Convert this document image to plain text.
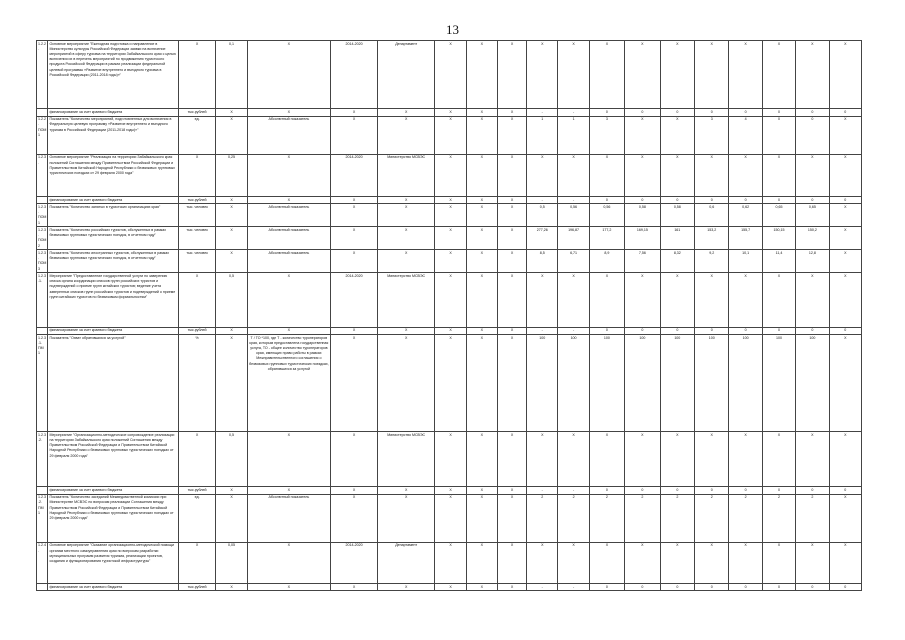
13
1.2.2.	Основное мероприятие "Ежегодная подготовка и направление в Министерство культуры Российской Федерации заявки на включение мероприятий в сферу туризма на территории Забайкальского края с целью включения их в перечень мероприятий по продвижению туристского продукта Российской Федерации в рамках реализации федеральной целевой программы «Развитие внутреннего и въездного туризма в Российской Федерации (2011-2018 годы)»"	X	0,1	X	2014-2020	Департамент	X	X	X	X	X	X	X	X	X	X	X	X	X
	финансирование за счет краевого бюджета	тыс.рублей	X	X	X	X	X	X	X	-	-	0	0	0	0	0	0	0	0
1.2.2. ПОМ 1	Показатель "Количество мероприятий, подготовленных для включения в Федеральную целевую программу «Развитие внутреннего и въездного туризма в Российской Федерации (2011-2018 годы)»"	ед.	X	Абсолютный показатель	X	X	X	X	X	1	1	3	X	X	3	4	0	0	X
1.2.3.	Основное мероприятие "Реализация на территории Забайкальского края положений Соглашения между Правительством Российской Федерации и Правительством Китайской Народной Республики о безвизовых групповых туристических поездках от 29 февраля 2000 года"	X	0,25	X	2014-2020	Министерство МСВЭС	X	X	X	X	X	X	X	X	X	X	X	X	X
	финансирование за счет краевого бюджета	тыс.рублей	X	X	X	X	X	X	X	-	-	0	0	0	0	0	0	0	0
1.2.3. ПОМ 1	Показатель "Количество занятых в туристских организациях края"	тыс. человек	X	Абсолютный показатель	X	X	X	X	X	0,5	0,56	0,56	0,58	0,58	0,6	0,62	0,65	0,65	X
1.2.3. ПОМ 2	Показатель "Количество российских туристов, обслуженных в рамках безвизовых групповых туристических поездок, в отчетном году"	тыс. человек	X	Абсолютный показатель	X	X	X	X	X	277,26	196,87	177,2	169,15	161	153,2	155,7	150,15	150,2	X
1.2.3. ПОМ 3	Показатель "Количество иностранных туристов, обслуженных в рамках безвизовых групповых туристических поездок, в отчетном году"	тыс. человек	X	Абсолютный показатель	X	X	X	X	X	8,5	6,71	8,9	7,56	8,32	9,2	10,1	11,4	12,8	X
1.2.3.1.	Мероприятие "Предоставление государственной услуги по заверению списка органа координации списков групп российских туристов и подтверждений о приеме групп китайских туристов; ведение учета заверенных списков групп российских туристов и подтверждений о приеме групп китайских туристов по безвизовым формальностям"	X	0,5	X	2014-2020	Министерство МСВЭС	X	X	X	X	X	X	X	X	X	X	X	X	X
	финансирование за счет краевого бюджета	тыс.рублей	X	X	X	X	X	X	X	-	-	0	0	0	0	0	0	0	0
1.2.3.1. ПМ 1	Показатель "Охват обратившихся за услугой"	%	X	Т / ТО *100, где Т - количество туроператоров края, которым предоставлена государственная услуга, ТО - общее количество туроператоров края, имеющих право работы в рамках Межправительственного соглашения о безвизовых групповых туристических поездках, обратившихся за услугой	X	X	X	X	X	100	100	100	100	100	100	100	100	100	X
1.2.3.2.	Мероприятие "Организационно-методическое сопровождение реализации на территории Забайкальского края положений Соглашения между Правительством Российской Федерации и Правительством Китайской Народной Республики о безвизовых групповых туристических поездках от 29 февраля 2000 года"	X	0,5	X	X	Министерство МСВЭС	X	X	X	X	X	X	X	X	X	X	X	X	X
	финансирование за счет краевого бюджета	тыс.рублей	X	X	X	X	X	X	X	-	-	0	0	0	0	0	0	0	0
1.2.3.2. ПМ 1	Показатель "Количество заседаний Межведомственной комиссии при Министерстве МСВЭС по вопросам реализации Соглашения между Правительством Российской Федерации и Правительством Китайской Народной Республики о безвизовых групповых туристических поездках от 29 февраля 2000 года"	ед.	X	Абсолютный показатель	X	X	X	X	X	2	2	2	2	2	2	2	2	2	X
1.2.4.	Основное мероприятие "Оказание организационно-методической помощи органам местного самоуправления края по вопросам разработки муниципальных программ развития туризма, реализации проектов, создания и функционирования туристской инфраструктуры"	X	0,05	X	2014-2020	Департамент	X	X	X	X	X	X	X	X	X	X	X	X	X
	финансирование за счет краевого бюджета	тыс.рублей	X	X	X	X	X	X	X	-	-	0	0	0	0	0	0	0	0
